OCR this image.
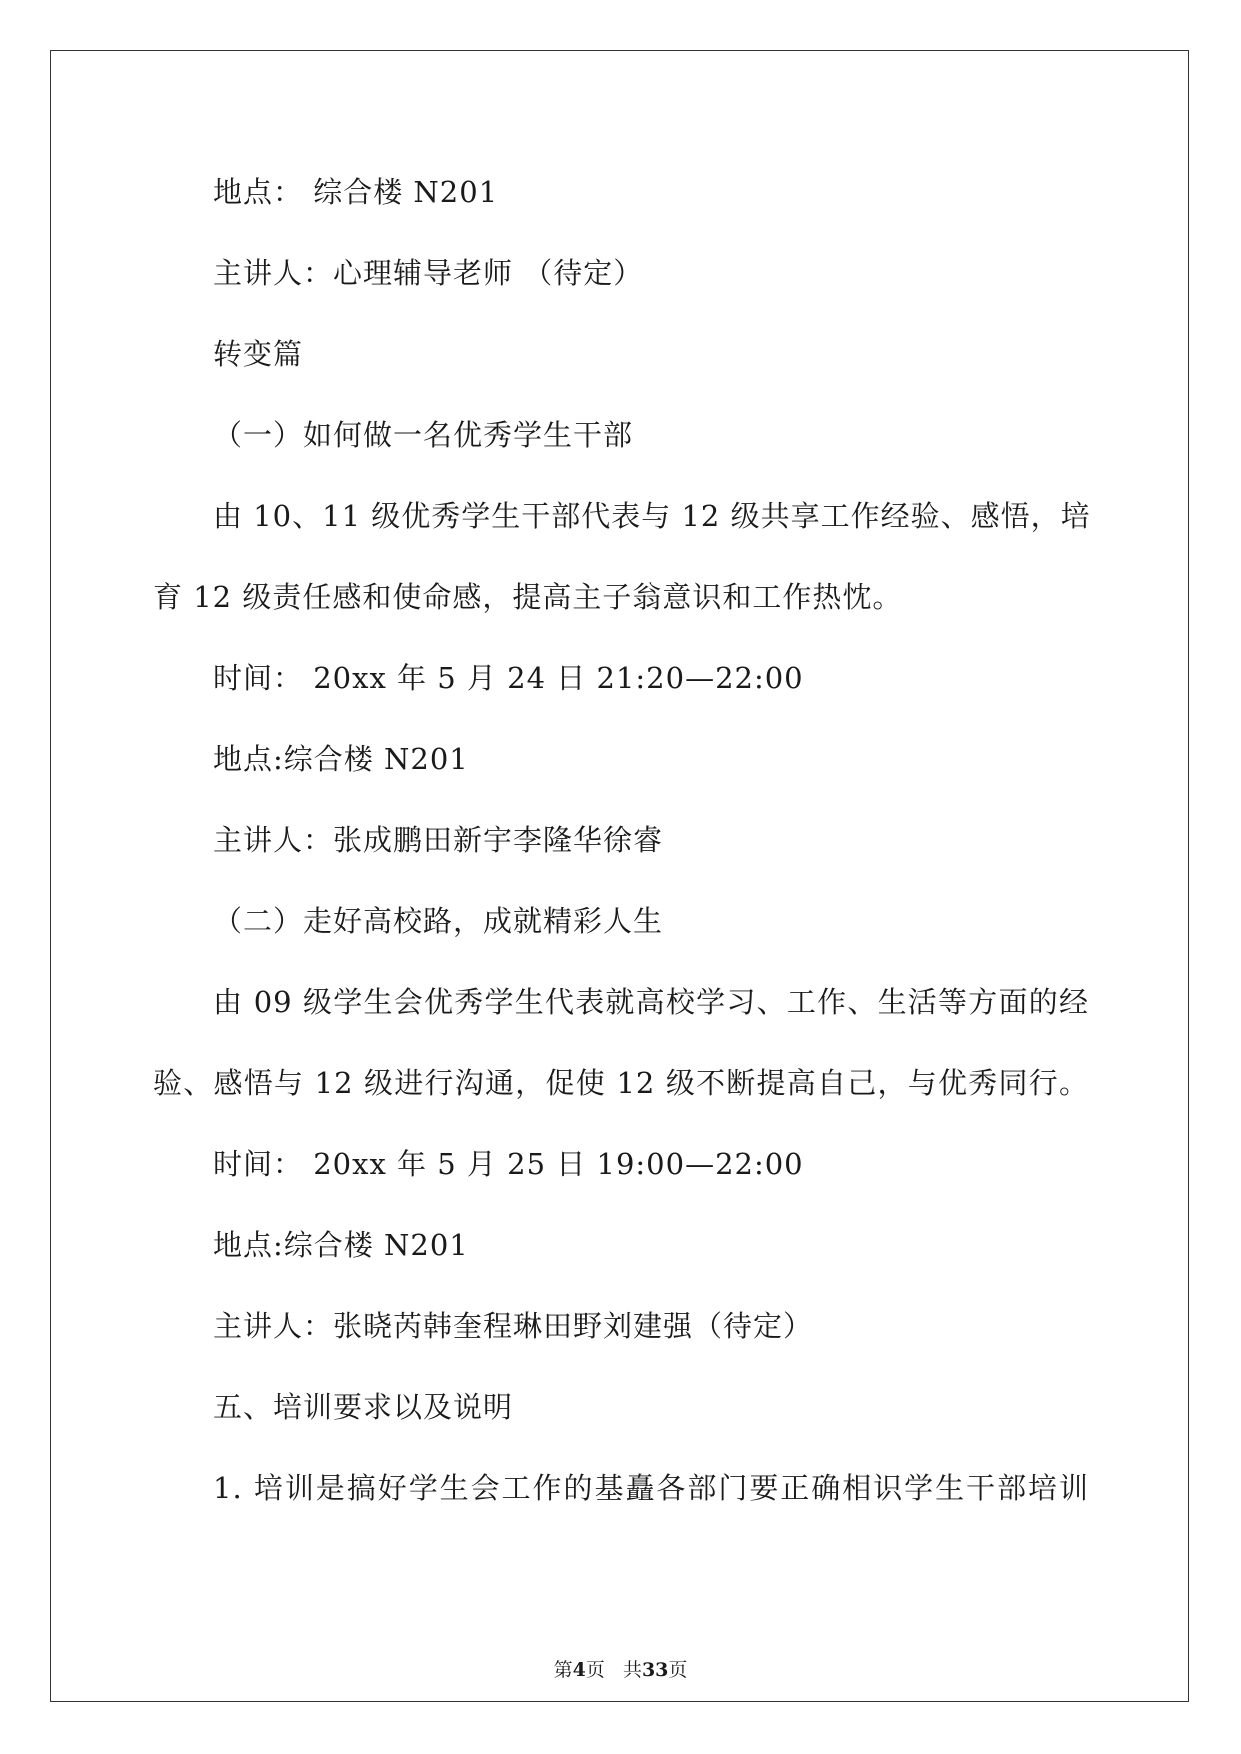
地点： 综合楼 N201
主讲人：心理辅导老师 （待定）
转变篇
（一）如何做一名优秀学生干部
由 10、11 级优秀学生干部代表与 12 级共享工作经验、感悟，培
育 12 级责任感和使命感，提高主子翁意识和工作热忱。
时间： 20xx 年 5 月 24 日 21:20—22:00
地点:综合楼 N201
主讲人：张成鹏田新宇李隆华徐睿
（二）走好高校路，成就精彩人生
由 09 级学生会优秀学生代表就高校学习、工作、生活等方面的经
验、感悟与 12 级进行沟通，促使 12 级不断提高自己，与优秀同行。
时间： 20xx 年 5 月 25 日 19:00—22:00
地点:综合楼 N201
主讲人：张晓芮韩奎程琳田野刘建强（待定）
五、培训要求以及说明
1. 培训是搞好学生会工作的基矗各部门要正确相识学生干部培训
第4页   共33页
